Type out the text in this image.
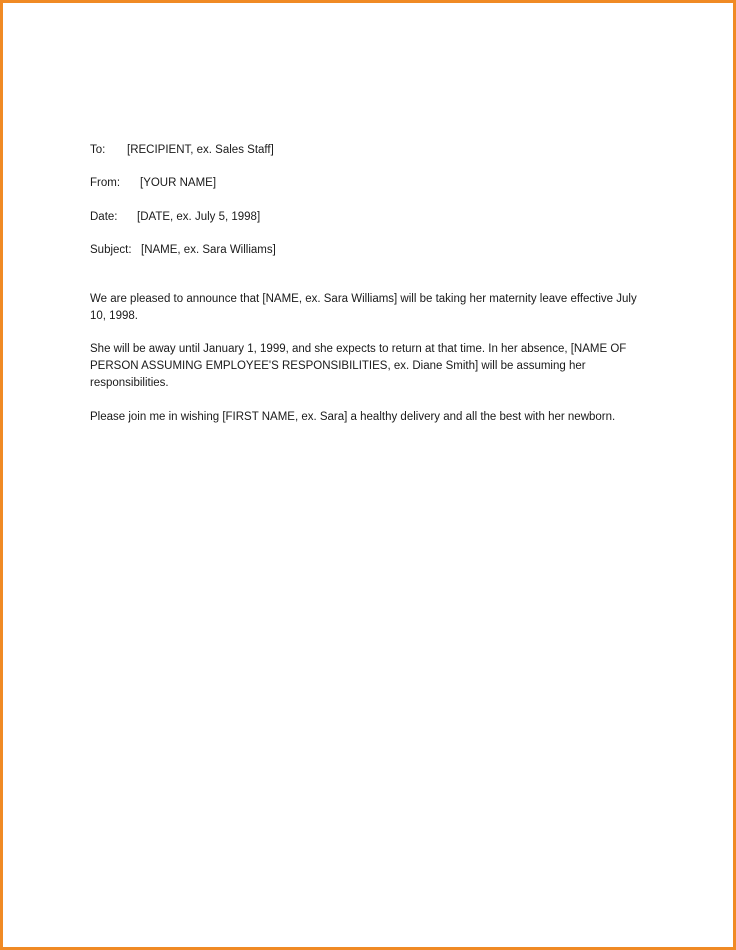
To:	[RECIPIENT, ex. Sales Staff]
From:	[YOUR NAME]
Date:	[DATE, ex. July 5, 1998]
Subject: [NAME, ex. Sara Williams]

We are pleased to announce that [NAME, ex. Sara Williams] will be taking her maternity leave effective July 10, 1998.

She will be away until January 1, 1999, and she expects to return at that time. In her absence, [NAME OF PERSON ASSUMING EMPLOYEE'S RESPONSIBILITIES, ex. Diane Smith] will be assuming her responsibilities.

Please join me in wishing [FIRST NAME, ex. Sara] a healthy delivery and all the best with her newborn.
